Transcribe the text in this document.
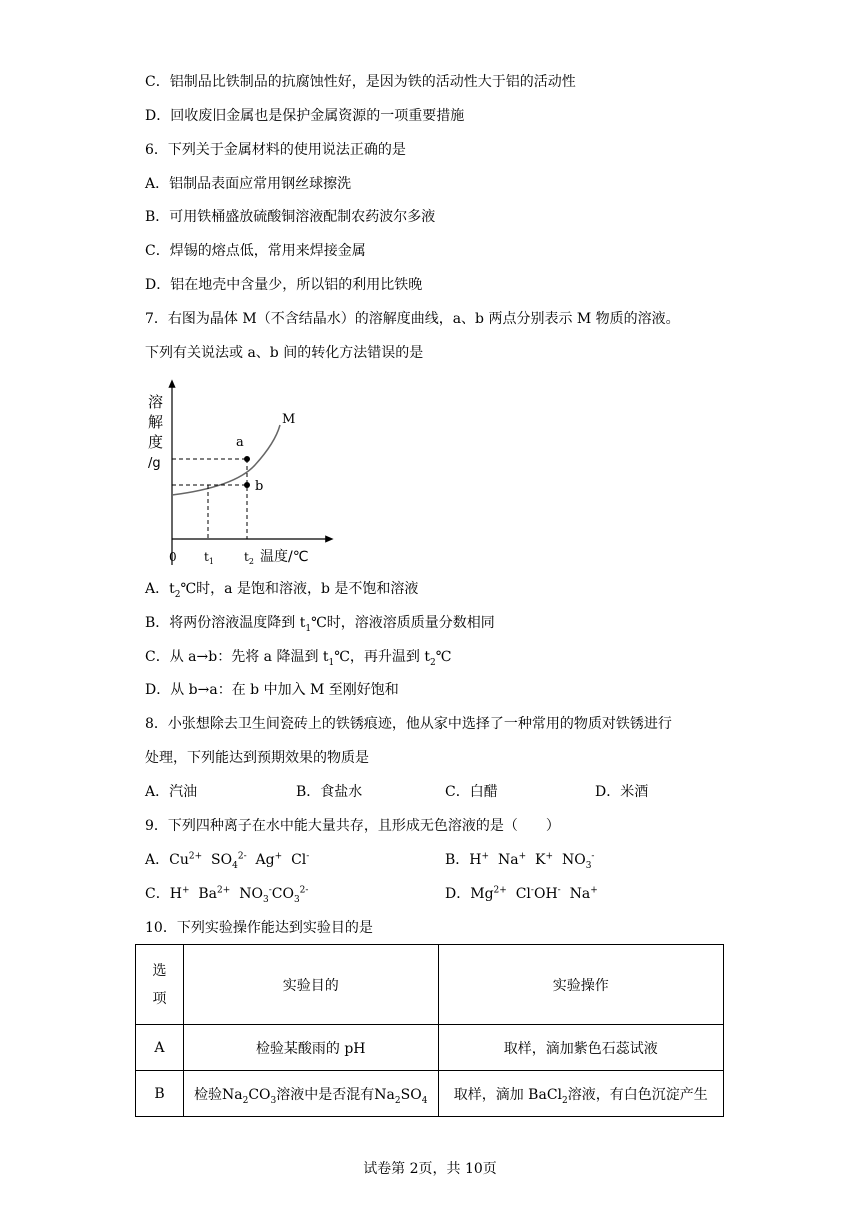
C．铝制品比铁制品的抗腐蚀性好，是因为铁的活动性大于铝的活动性
D．回收废旧金属也是保护金属资源的一项重要措施
6．下列关于金属材料的使用说法正确的是
A．铝制品表面应常用钢丝球擦洗
B．可用铁桶盛放硫酸铜溶液配制农药波尔多液
C．焊锡的熔点低，常用来焊接金属
D．铝在地壳中含量少，所以铝的利用比铁晚
7．右图为晶体 M（不含结晶水）的溶解度曲线，a、b 两点分别表示 M 物质的溶液。
下列有关说法或 a、b 间的转化方法错误的是
溶
解
度
/g
M
a
b
0 $t_1$	$t_2$ 温度/℃
A．$t_2℃$时，a 是饱和溶液，b 是不饱和溶液
B．将两份溶液温度降到 $t_1℃$时，溶液溶质质量分数相同
C．从 a→b：先将 a 降温到 $t_1℃$，再升温到 $t_2℃$
D．从 b→a：在 b 中加入 M 至刚好饱和
8．小张想除去卫生间瓷砖上的铁锈痕迹，他从家中选择了一种常用的物质对铁锈进行
处理，下列能达到预期效果的物质是
A．汽油	B．食盐水	C．白醋	D．米酒
9．下列四种离子在水中能大量共存，且形成无色溶液的是（　　）
A．$Cu^{2+}$ $SO_4^{2-}$ Ag+ Cl-	B．H+ Na+ K+ $NO_3^-$
C．H+ $Ba^{2+}$ $NO_3^-CO_3^{2-}$	D．$Mg^{2+}$ Cl-OH- Na+
10．下列实验操作能达到实验目的是
选
项	实验目的	实验操作
A	检验某酸雨的 pH	取样，滴加紫色石蕊试液
B	检验$Na_2CO_3$溶液中是否混有$Na_2SO_4$	取样，滴加 BaCl$_2$溶液，有白色沉淀产生
试卷第 2页，共 10页
